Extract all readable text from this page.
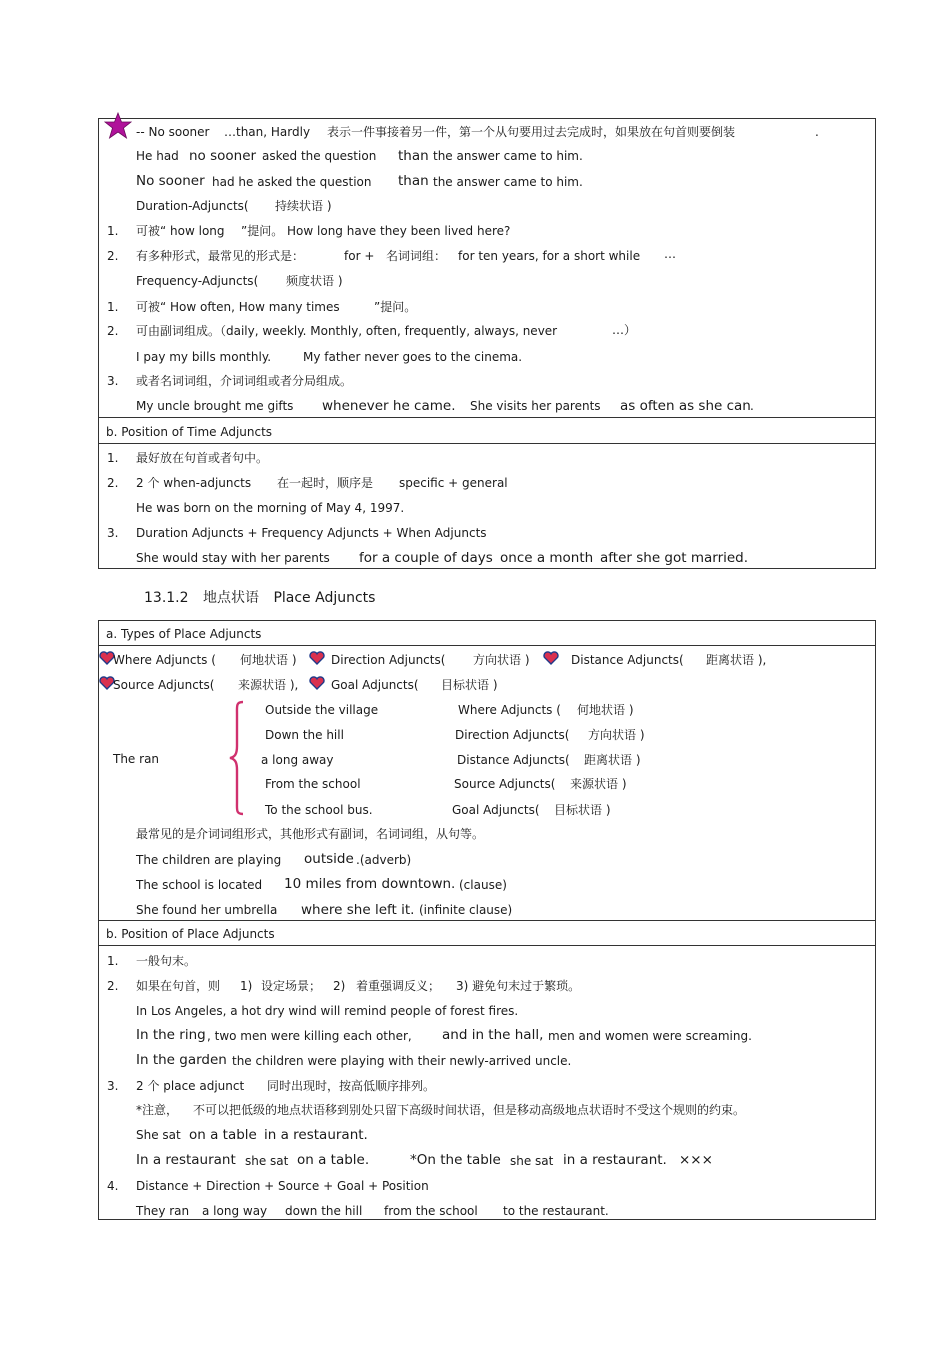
-- No sooner …than, Hardly 表示一件事接着另一件，第一个从句要用过去完成时，如果放在句首则要倒装	.
He had no sooner asked the question than the answer came to him.
No sooner had he asked the question than the answer came to him.
Duration-Adjuncts( 持续状语 )
1. 可被“ how long ”提问。 How long have they been lived here?
2. 有多种形式，最常见的形式是：	for + 名词词组： for ten years, for a short while …
Frequency-Adjuncts( 频度状语 )
1. 可被“ How often, How many times	”提问。
2. 可由副词组成。（daily, weekly. Monthly, often, frequently, always, never	…）
I pay my bills monthly.	My father never goes to the cinema.
3. 或者名词词组，介词词组或者分局组成。
My uncle brought me gifts whenever he came. She visits her parents as often as she can .
b. Position of Time Adjuncts
1. 最好放在句首或者句中。
2. 2 个 when-adjuncts 在一起时，顺序是 specific + general
He was born on the morning of May 4, 1997.
3. Duration Adjuncts + Frequency Adjuncts + When Adjuncts
She would stay with her parents for a couple of days once a month after she got married.
13.1.2 地点状语 Place Adjuncts
a. Types of Place Adjuncts
Where Adjuncts ( 何地状语 )	Direction Adjuncts( 方向状语 )	Distance Adjuncts( 距离状语 ),
Source Adjuncts( 来源状语 ),	Goal Adjuncts( 目标状语 )
The ran
Outside the village	Where Adjuncts ( 何地状语 )
Down the hill	Direction Adjuncts( 方向状语 )
a long away	Distance Adjuncts( 距离状语 )
From the school	Source Adjuncts( 来源状语 )
To the school bus.	Goal Adjuncts( 目标状语 )
最常见的是介词词组形式，其他形式有副词，名词词组，从句等。
The children are playing outside .(adverb)
The school is located 10 miles from downtown. (clause)
She found her umbrella where she left it. (infinite clause)
b. Position of Place Adjuncts
1. 一般句末。
2. 如果在句首，则 1) 设定场景； 2) 着重强调反义； 3) 避免句末过于繁琐。
In Los Angeles, a hot dry wind will remind people of forest fires.
In the ring , two men were killing each other, and in the hall, men and women were screaming.
In the garden the children were playing with their newly-arrived uncle.
3. 2 个 place adjunct 同时出现时，按高低顺序排列。
*注意， 不可以把低级的地点状语移到别处只留下高级时间状语，但是移动高级地点状语时不受这个规则的约束。
She sat on a table in a restaurant.
In a restaurant she sat on a table.	*On the table she sat in a restaurant. ×××
4. Distance + Direction + Source + Goal + Position
They ran a long way down the hill from the school to the restaurant.
